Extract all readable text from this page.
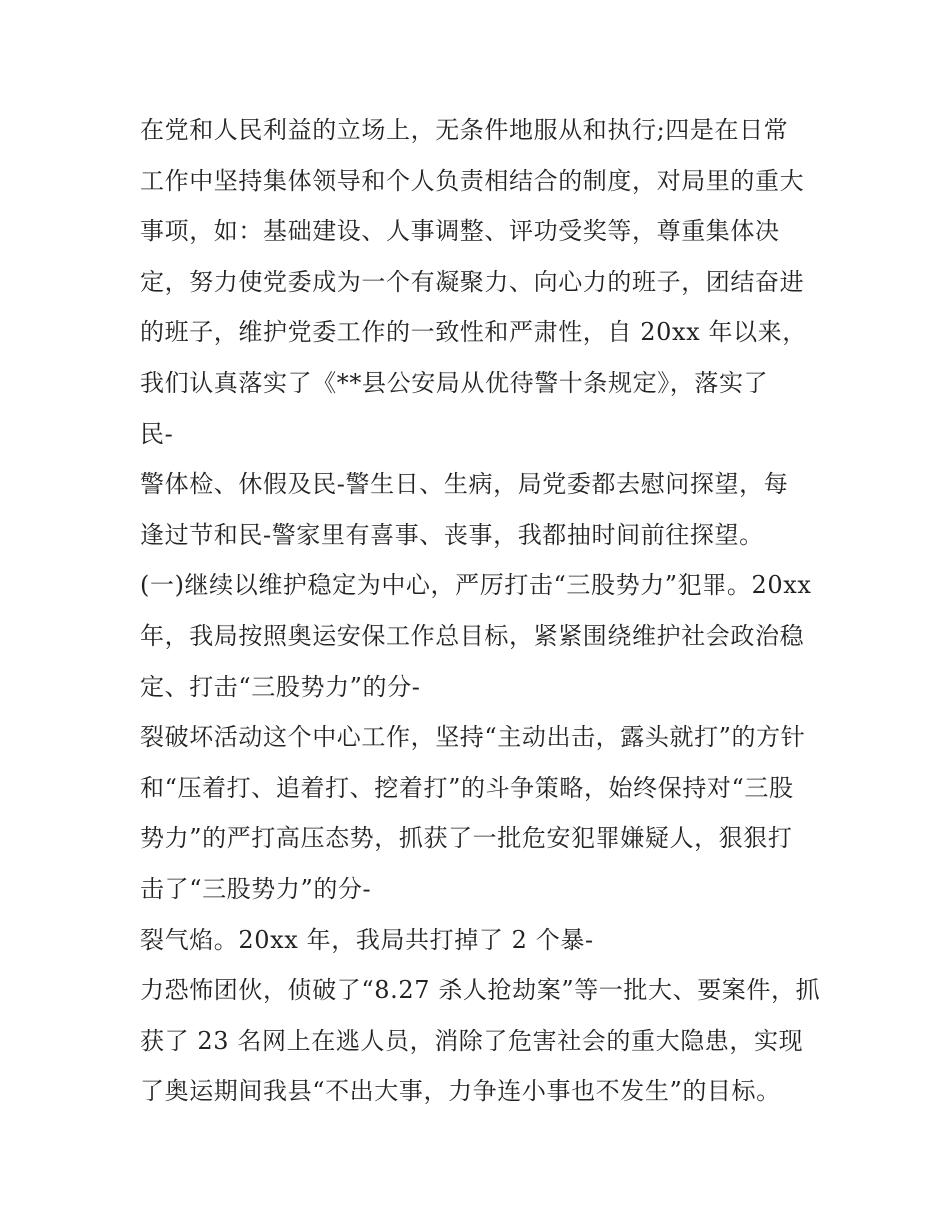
在党和人民利益的立场上，无条件地服从和执行;四是在日常
工作中坚持集体领导和个人负责相结合的制度，对局里的重大
事项，如：基础建设、人事调整、评功受奖等，尊重集体决
定，努力使党委成为一个有凝聚力、向心力的班子，团结奋进
的班子，维护党委工作的一致性和严肃性，自 20xx 年以来，
我们认真落实了《**县公安局从优待警十条规定》，落实了
民-
警体检、休假及民-警生日、生病，局党委都去慰问探望，每
逢过节和民-警家里有喜事、丧事，我都抽时间前往探望。
(一)继续以维护稳定为中心，严厉打击“三股势力”犯罪。20xx
年，我局按照奥运安保工作总目标，紧紧围绕维护社会政治稳
定、打击“三股势力”的分-
裂破坏活动这个中心工作，坚持“主动出击，露头就打”的方针
和“压着打、追着打、挖着打”的斗争策略，始终保持对“三股
势力”的严打高压态势，抓获了一批危安犯罪嫌疑人，狠狠打
击了“三股势力”的分-
裂气焰。20xx 年，我局共打掉了 2 个暴-
力恐怖团伙，侦破了“8.27 杀人抢劫案”等一批大、要案件，抓
获了 23 名网上在逃人员，消除了危害社会的重大隐患，实现
了奥运期间我县“不出大事，力争连小事也不发生”的目标。
